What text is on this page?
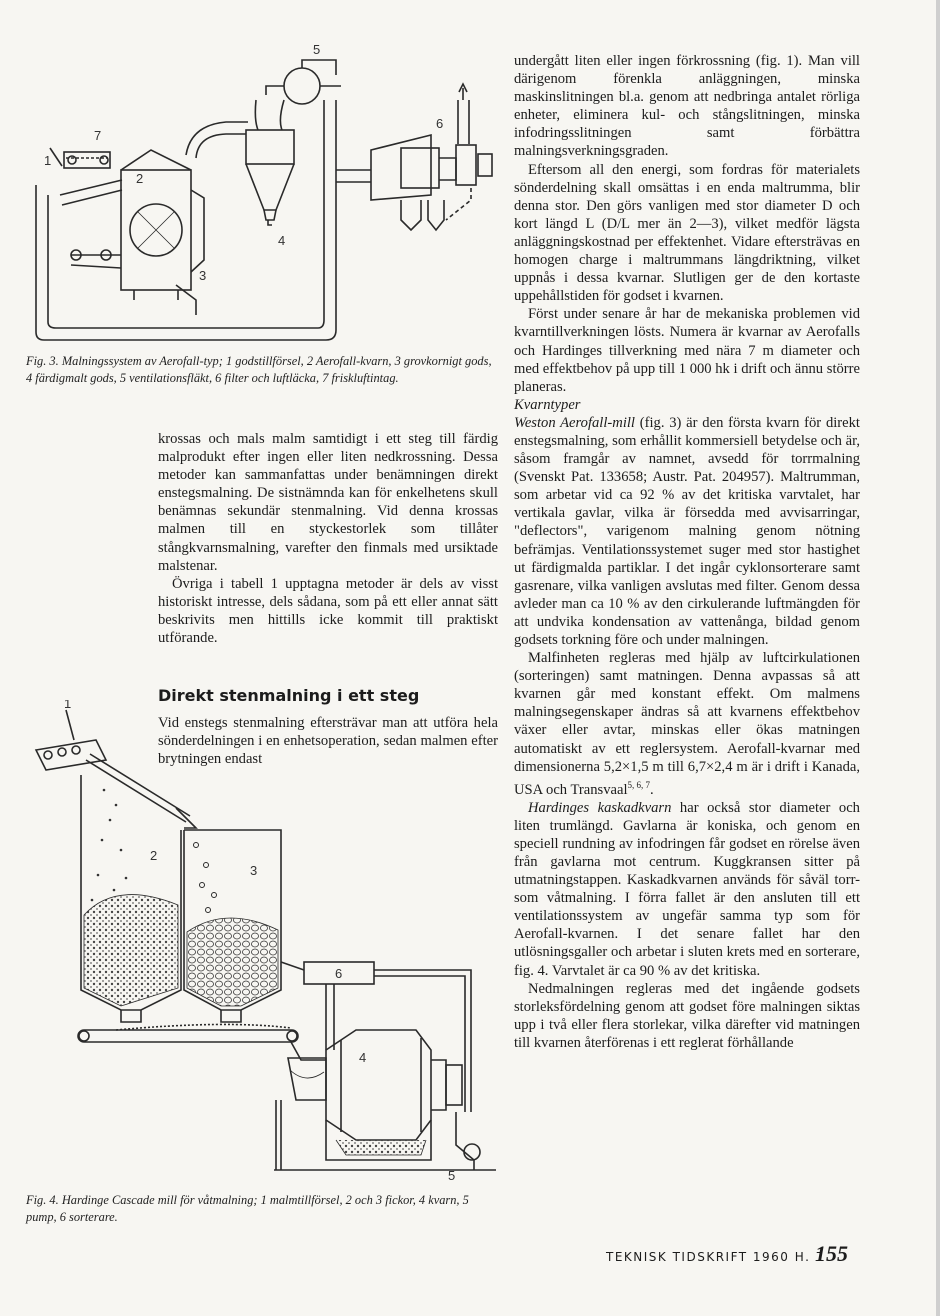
5
1
7
2
3
4
6

Fig. 3. Malningssystem av Aerofall-typ; 1 godstillförsel, 2 Aerofall-kvarn, 3 grovkornigt gods, 4 färdigmalt gods, 5 ventilationsfläkt, 6 filter och luftläcka, 7 friskluftintag.

krossas och mals malm samtidigt i ett steg till färdig malprodukt efter ingen eller liten nedkrossning. Dessa metoder kan sammanfattas under benämningen direkt enstegsmalning. De sistnämnda kan för enkelhetens skull benämnas sekundär stenmalning. Vid denna krossas malmen till en styckestorlek som tillåter stångkvarnsmalning, varefter den finmals med ursiktade malstenar.

Övriga i tabell 1 upptagna metoder är dels av visst historiskt intresse, dels sådana, som på ett eller annat sätt beskrivits men hittills icke kommit till praktiskt utförande.

Direkt stenmalning i ett steg

Vid enstegs stenmalning eftersträvar man att utföra hela sönderdelningen i en enhetsoperation, sedan malmen efter brytningen endast

1
2
3
6
4
5

Fig. 4. Hardinge Cascade mill för våtmalning; 1 malmtillförsel, 2 och 3 fickor, 4 kvarn, 5 pump, 6 sorterare.

undergått liten eller ingen förkrossning (fig. 1). Man vill därigenom förenkla anläggningen, minska maskinslitningen bl.a. genom att nedbringa antalet rörliga enheter, eliminera kul- och stångslitningen, minska infodringsslitningen samt förbättra malningsverkningsgraden.

Eftersom all den energi, som fordras för materialets sönderdelning skall omsättas i en enda maltrumma, blir denna stor. Den görs vanligen med stor diameter D och kort längd L (D/L mer än 2—3), vilket medför lägsta anläggningskostnad per effektenhet. Vidare eftersträvas en homogen charge i maltrummans längdriktning, vilket uppnås i dessa kvarnar. Slutligen ger de den kortaste uppehållstiden för godset i kvarnen.

Först under senare år har de mekaniska problemen vid kvarntillverkningen lösts. Numera är kvarnar av Aerofalls och Hardinges tillverkning med nära 7 m diameter och med effektbehov på upp till 1 000 hk i drift och ännu större planeras.

Kvarntyper

Weston Aerofall-mill (fig. 3) är den första kvarn för direkt enstegsmalning, som erhållit kommersiell betydelse och är, såsom framgår av namnet, avsedd för torrmalning (Svenskt Pat. 133658; Austr. Pat. 204957). Maltrumman, som arbetar vid ca 92 % av det kritiska varvtalet, har vertikala gavlar, vilka är försedda med avvisarringar, "deflectors", varigenom malning genom nötning befrämjas. Ventilationssystemet suger med stor hastighet ut färdigmalda partiklar. I det ingår cyklonsorterare samt gasrenare, vilka vanligen avslutas med filter. Genom dessa avleder man ca 10 % av den cirkulerande luftmängden för att undvika kondensation av vattenånga, bildad genom godsets torkning före och under malningen.

Malfinheten regleras med hjälp av luftcirkulationen (sorteringen) samt matningen. Denna avpassas så att kvarnen går med konstant effekt. Om malmens malningsegenskaper ändras så att kvarnens effektbehov växer eller avtar, minskas eller ökas matningen automatiskt av ett reglersystem. Aerofall-kvarnar med dimensionerna 5,2×1,5 m till 6,7×2,4 m är i drift i Kanada, USA och Transvaal$^{5, 6, 7}$.

Hardinges kaskadkvarn har också stor diameter och liten trumlängd. Gavlarna är koniska, och genom en speciell rundning av infodringen får godset en rörelse även från gavlarna mot centrum. Kuggkransen sitter på utmatningstappen. Kaskadkvarnen används för såväl torr- som våtmalning. I förra fallet är den ansluten till ett ventilationssystem av ungefär samma typ som för Aerofall-kvarnen. I det senare fallet har den utlösningsgaller och arbetar i sluten krets med en sorterare, fig. 4. Varvtalet är ca 90 % av det kritiska.

Nedmalningen regleras med det ingående godsets storleksfördelning genom att godset före malningen siktas upp i två eller flera storlekar, vilka därefter vid matningen till kvarnen återförenas i ett reglerat förhållande

TEKNISK TIDSKRIFT 1960 H. 7
155
